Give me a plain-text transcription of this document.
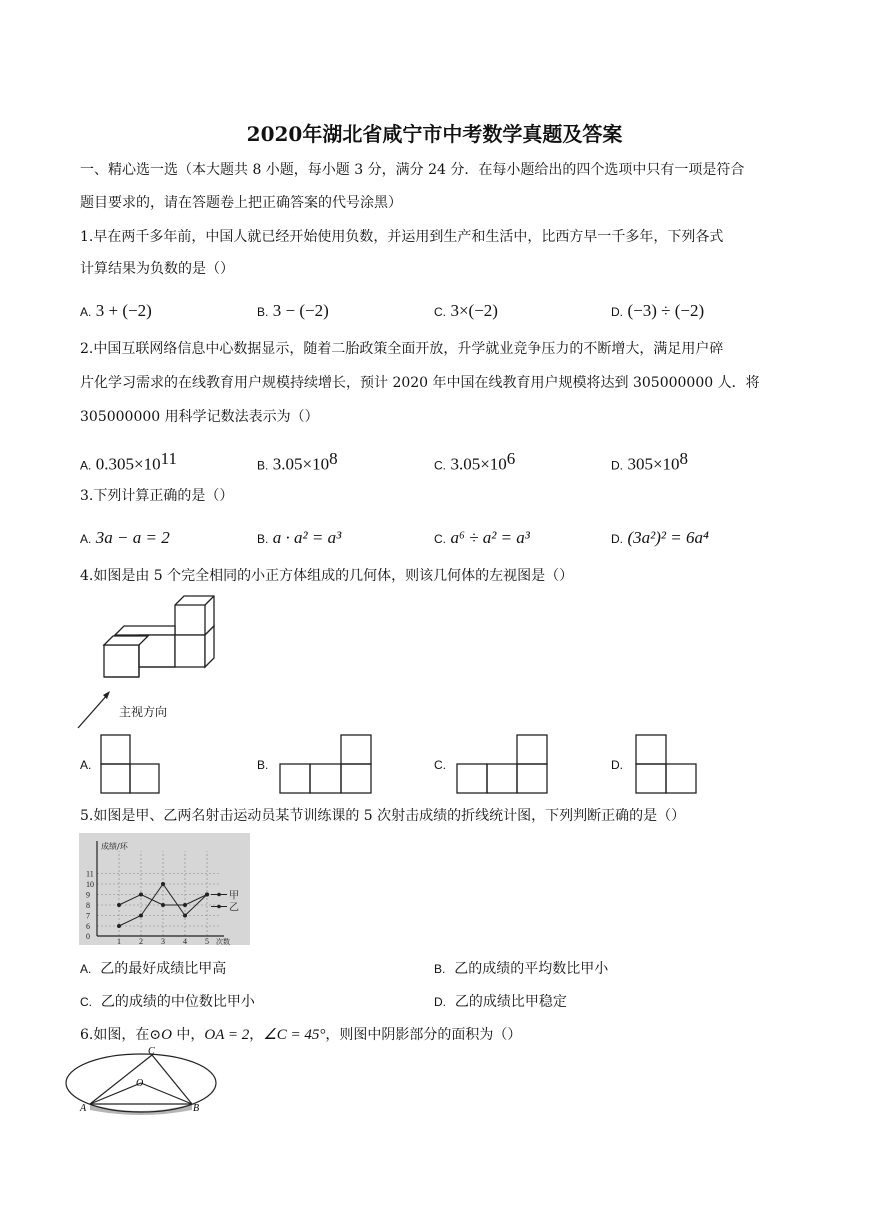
2020年湖北省咸宁市中考数学真题及答案
一、精心选一选（本大题共 8 小题，每小题 3 分，满分 24 分．在每小题给出的四个选项中只有一项是符合
题目要求的，请在答题卷上把正确答案的代号涂黑）
1.早在两千多年前，中国人就已经开始使用负数，并运用到生产和生活中，比西方早一千多年，下列各式
计算结果为负数的是（）
A. 3 + (−2)	B. 3 − (−2)	C. 3×(−2)	D. (−3) ÷ (−2)
2.中国互联网络信息中心数据显示，随着二胎政策全面开放，升学就业竞争压力的不断增大，满足用户碎
片化学习需求的在线教育用户规模持续增长，预计 2020 年中国在线教育用户规模将达到 305000000 人．将
305000000 用科学记数法表示为（）
A. $0.305\times 10^{11}$	B. $3.05\times 10^8$	C. $3.05\times 10^6$	D. $305\times 10^8$
3.下列计算正确的是（）
A. 3a − a = 2	B. a · a² = a³	C. a⁶ ÷ a² = a³	D. (3a²)² = 6a⁴
4.如图是由 5 个完全相同的小正方体组成的几何体，则该几何体的左视图是（）
主视方向
A.	B.	C.	D.
5.如图是甲、乙两名射击运动员某节训练课的 5 次射击成绩的折线统计图，下列判断正确的是（）
0
6
7
8
9
10
11
1 2 3 4 5
成绩/环
次数
甲
乙
A. 乙的最好成绩比甲高	B. 乙的成绩的平均数比甲小
C. 乙的成绩的中位数比甲小	D. 乙的成绩比甲稳定
6.如图，在⊙O 中，OA = 2，∠C = 45°，则图中阴影部分的面积为（）
A	B
C
O
